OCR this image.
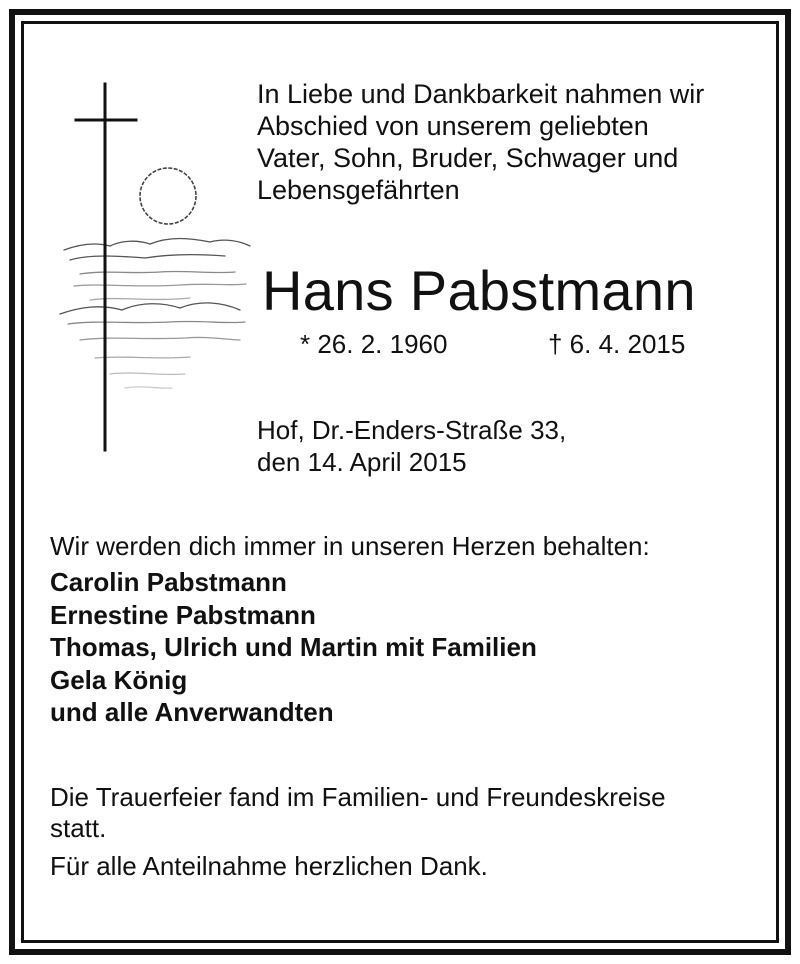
In Liebe und Dankbarkeit nahmen wir
Abschied von unserem geliebten
Vater, Sohn, Bruder, Schwager und
Lebensgefährten
Hans Pabstmann
* 26. 2. 1960	† 6. 4. 2015
Hof, Dr.-Enders-Straße 33,
den 14. April 2015
Wir werden dich immer in unseren Herzen behalten:
Carolin Pabstmann
Ernestine Pabstmann
Thomas, Ulrich und Martin mit Familien
Gela König
und alle Anverwandten
Die Trauerfeier fand im Familien- und Freundeskreise
statt.
Für alle Anteilnahme herzlichen Dank.
